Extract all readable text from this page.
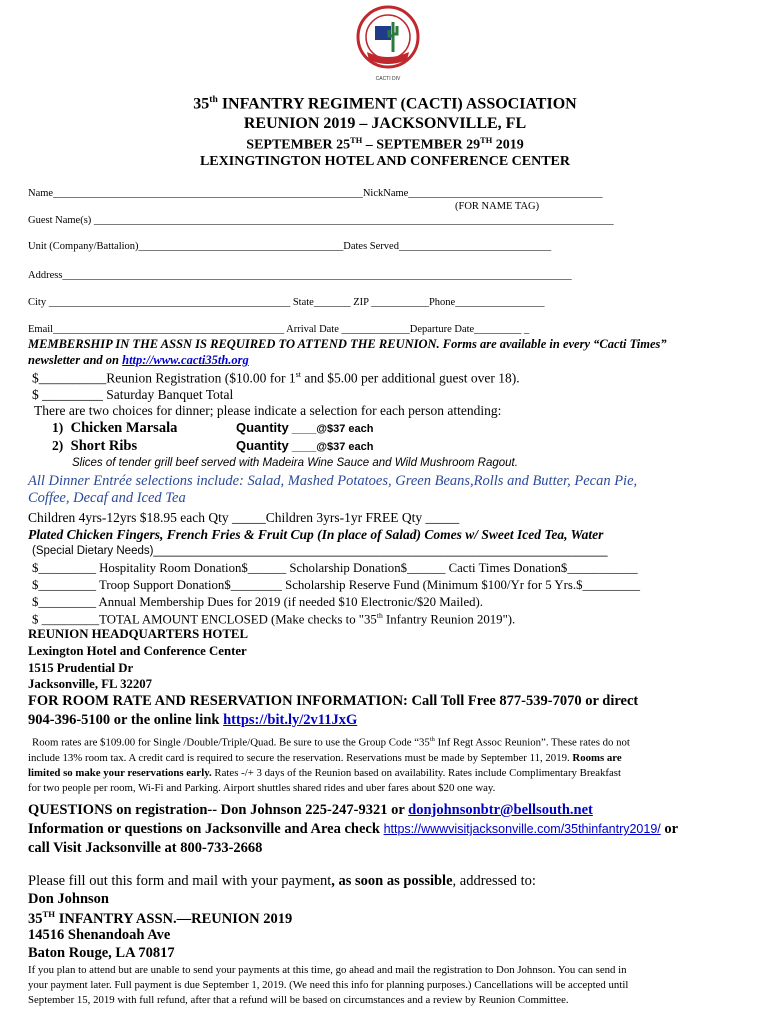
CACTI DIV
35th INFANTRY REGIMENT (CACTI) ASSOCIATION
REUNION 2019 – JACKSONVILLE, FL
SEPTEMBER 25TH – SEPTEMBER 29TH 2019
LEXINGTINGTON HOTEL AND CONFERENCE CENTER
Name___________________________________________________________NickName_____________________________________
(FOR NAME TAG)
Guest Name(s) ___________________________________________________________________________________________________
Unit (Company/Battalion)_______________________________________Dates Served_____________________________
Address_________________________________________________________________________________________________
City ______________________________________________ State_______ ZIP ___________Phone_________________
Email____________________________________________ Arrival Date _____________Departure Date_________ _
MEMBERSHIP IN THE ASSN IS REQUIRED TO ATTEND THE REUNION. Forms are available in every “Cacti Times”
newsletter and on http://www.cacti35th.org
$__________Reunion Registration ($10.00 for 1st and $5.00 per additional guest over 18).
$ _________ Saturday Banquet Total
There are two choices for dinner; please indicate a selection for each person attending:
1) Chicken Marsala	Quantity ____@$37 each
2) Short Ribs	Quantity ____@$37 each
Slices of tender grill beef served with Madeira Wine Sauce and Wild Mushroom Ragout.
All Dinner Entrée selections include: Salad, Mashed Potatoes, Green Beans,Rolls and Butter, Pecan Pie,
Coffee, Decaf and Iced Tea
Children 4yrs-12yrs $18.95 each Qty _____Children 3yrs-1yr FREE Qty _____
Plated Chicken Fingers, French Fries & Fruit Cup (In place of Salad) Comes w/ Sweet Iced Tea, Water
(Special Dietary Needs)_______________________________________________________________________
$_________ Hospitality Room Donation$______ Scholarship Donation$______ Cacti Times Donation$___________
$_________ Troop Support Donation$________ Scholarship Reserve Fund (Minimum $100/Yr for 5 Yrs.$_________
$_________ Annual Membership Dues for 2019 (if needed $10 Electronic/$20 Mailed).
$ _________TOTAL AMOUNT ENCLOSED (Make checks to "35th Infantry Reunion 2019").
REUNION HEADQUARTERS HOTEL
Lexington Hotel and Conference Center
1515 Prudential Dr
Jacksonville, FL 32207
FOR ROOM RATE AND RESERVATION INFORMATION: Call Toll Free 877-539-7070 or direct
904-396-5100 or the online link https://bit.ly/2v11JxG
Room rates are $109.00 for Single /Double/Triple/Quad. Be sure to use the Group Code “35th Inf Regt Assoc Reunion”. These rates do not
include 13% room tax. A credit card is required to secure the reservation. Reservations must be made by September 11, 2019. Rooms are
limited so make your reservations early. Rates -/+ 3 days of the Reunion based on availability. Rates include Complimentary Breakfast
for two people per room, Wi-Fi and Parking. Airport shuttles shared rides and uber fares about $20 one way.
QUESTIONS on registration-- Don Johnson 225-247-9321 or donjohnsonbtr@bellsouth.net
Information or questions on Jacksonville and Area check https://wwwvisitjacksonville.com/35thinfantry2019/ or
call Visit Jacksonville at 800-733-2668
Please fill out this form and mail with your payment, as soon as possible, addressed to:
Don Johnson
35TH INFANTRY ASSN.—REUNION 2019
14516 Shenandoah Ave
Baton Rouge, LA 70817
If you plan to attend but are unable to send your payments at this time, go ahead and mail the registration to Don Johnson. You can send in
your payment later. Full payment is due September 1, 2019. (We need this info for planning purposes.) Cancellations will be accepted until
September 15, 2019 with full refund, after that a refund will be based on circumstances and a review by Reunion Committee.
